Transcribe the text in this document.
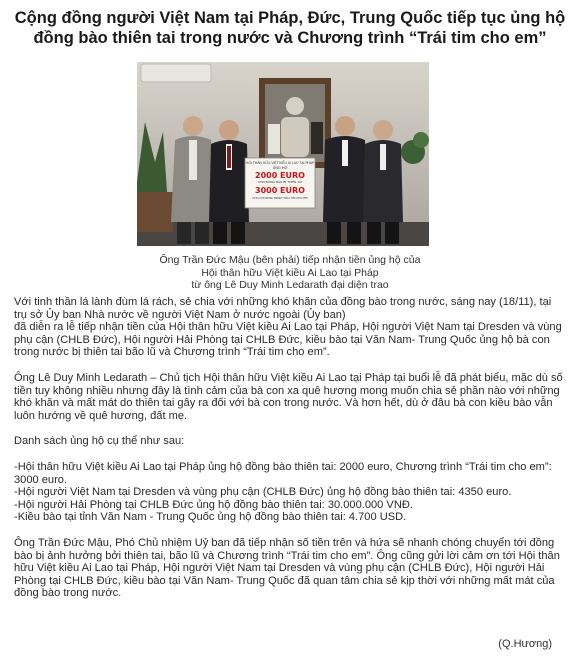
Cộng đồng người Việt Nam tại Pháp, Đức, Trung Quốc tiếp tục ủng hộ đồng bào thiên tai trong nước và Chương trình “Trái tim cho em”
HỘI THÂN HỮU VIỆT KIỀU AI LAO TẠI PHÁP
ỦNG HỘ
2000 EURO
CHO ĐỒNG BÀO BỊ THIÊN TAI
3000 EURO
CHO CHƯƠNG TRÌNH TRÁI TIM CHO EM
Ông Trần Đức Mậu (bên phải) tiếp nhận tiền ủng hộ của
Hội thân hữu Việt kiều Ai Lao tại Pháp
từ ông Lê Duy Minh Ledarath đại diện trao

Với tinh thần lá lành đùm lá rách, sẻ chia với những khó khăn của đồng bào trong nước, sáng nay (18/11), tại trụ sở Ủy ban Nhà nước về người Việt Nam ở nước ngoài (Ủy ban)

đã diễn ra lễ tiếp nhận tiền của Hội thân hữu Việt kiều Ai Lao tại Pháp, Hội người Việt Nam tại Dresden và vùng phụ cận (CHLB Đức), Hội người Hải Phòng tại CHLB Đức, kiều bào tại Văn Nam- Trung Quốc ủng hộ bà con trong nước bị thiên tai bão lũ và Chương trình “Trái tim cho em”.

Ông Lê Duy Minh Ledarath – Chủ tịch Hội thân hữu Việt kiều Ai Lao tại Pháp tại buổi lễ đã phát biểu, mặc dù số tiền tuy không nhiều nhưng đây là tình cảm của bà con xa quê hương mong muốn chia sẻ phần nào với những khó khăn và mất mát do thiên tai gây ra đối với bà con trong nước. Và hơn hết, dù ở đâu bà con kiều bào vẫn luôn hướng về quê hương, đất mẹ.

Danh sách ủng hộ cụ thể như sau:

-Hội thân hữu Việt kiều Ai Lao tại Pháp ủng hộ đồng bào thiên tai: 2000 euro, Chương trình “Trái tim cho em”: 3000 euro.

-Hội người Việt Nam tại Dresden và vùng phụ cận (CHLB Đức) ủng hộ đồng bào thiên tai: 4350 euro.

-Hội người Hải Phòng tại CHLB Đức ủng hộ đồng bào thiên tai: 30.000.000 VNĐ.

-Kiều bào tại tỉnh Văn Nam - Trung Quốc ủng hộ đồng bào thiên tai: 4.700 USD.

Ông Trần Đức Mậu, Phó Chủ nhiệm Uỷ ban đã tiếp nhận số tiền trên và hứa sẽ nhanh chóng chuyển tới đồng bào bị ảnh hưởng bởi thiên tai, bão lũ và Chương trình “Trái tim cho em”. Ông cũng gửi lời cảm ơn tới Hội thân hữu Việt kiều Ai Lao tại Pháp, Hội người Việt Nam tại Dresden và vùng phụ cận (CHLB Đức), Hội người Hải Phòng tại CHLB Đức, kiều bào tại Văn Nam- Trung Quốc đã quan tâm chia sẻ kịp thời với những mất mát của đồng bào trong nước.

(Q.Hương)
